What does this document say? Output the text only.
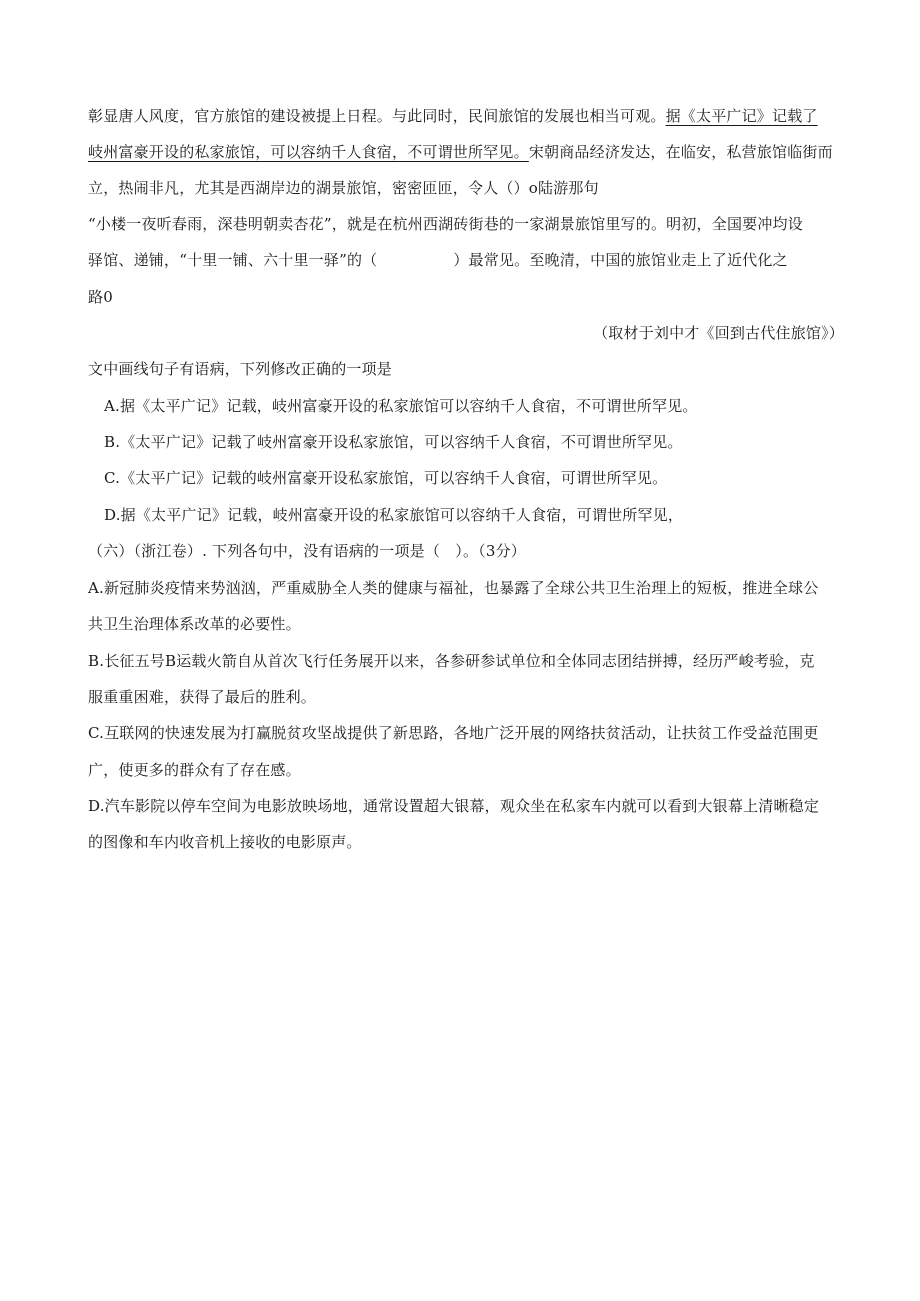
彰显唐人风度，官方旅馆的建设被提上日程。与此同时，民间旅馆的发展也相当可观。据《太平广记》记载了
岐州富豪开设的私家旅馆，可以容纳千人食宿，不可谓世所罕见。宋朝商品经济发达，在临安，私营旅馆临街而
立，热闹非凡，尤其是西湖岸边的湖景旅馆，密密匝匝，令人（）o陆游那句
“小楼一夜听春雨，深巷明朝卖杏花”，就是在杭州西湖砖街巷的一家湖景旅馆里写的。明初，全国要冲均设
驿馆、递铺，“十里一铺、六十里一驿”的（　　　　　）最常见。至晚清，中国的旅馆业走上了近代化之
路0
（取材于刘中才《回到古代住旅馆》）
文中画线句子有语病，下列修改正确的一项是
A.据《太平广记》记载，岐州富豪开设的私家旅馆可以容纳千人食宿，不可谓世所罕见。
B.《太平广记》记载了岐州富豪开设私家旅馆，可以容纳千人食宿，不可谓世所罕见。
C.《太平广记》记载的岐州富豪开设私家旅馆，可以容纳千人食宿，可谓世所罕见。
D.据《太平广记》记载，岐州富豪开设的私家旅馆可以容纳千人食宿，可谓世所罕见，
（六）（浙江卷）. 下列各句中，没有语病的一项是（　）。（3分）
A.新冠肺炎疫情来势汹汹，严重威胁全人类的健康与福祉，也暴露了全球公共卫生治理上的短板，推进全球公
共卫生治理体系改革的必要性。
B.长征五号B运载火箭自从首次飞行任务展开以来，各参研参试单位和全体同志团结拼搏，经历严峻考验，克
服重重困难，获得了最后的胜利。
C.互联网的快速发展为打赢脱贫攻坚战提供了新思路，各地广泛开展的网络扶贫活动，让扶贫工作受益范围更
广，使更多的群众有了存在感。
D.汽车影院以停车空间为电影放映场地，通常设置超大银幕，观众坐在私家车内就可以看到大银幕上清晰稳定
的图像和车内收音机上接收的电影原声。
